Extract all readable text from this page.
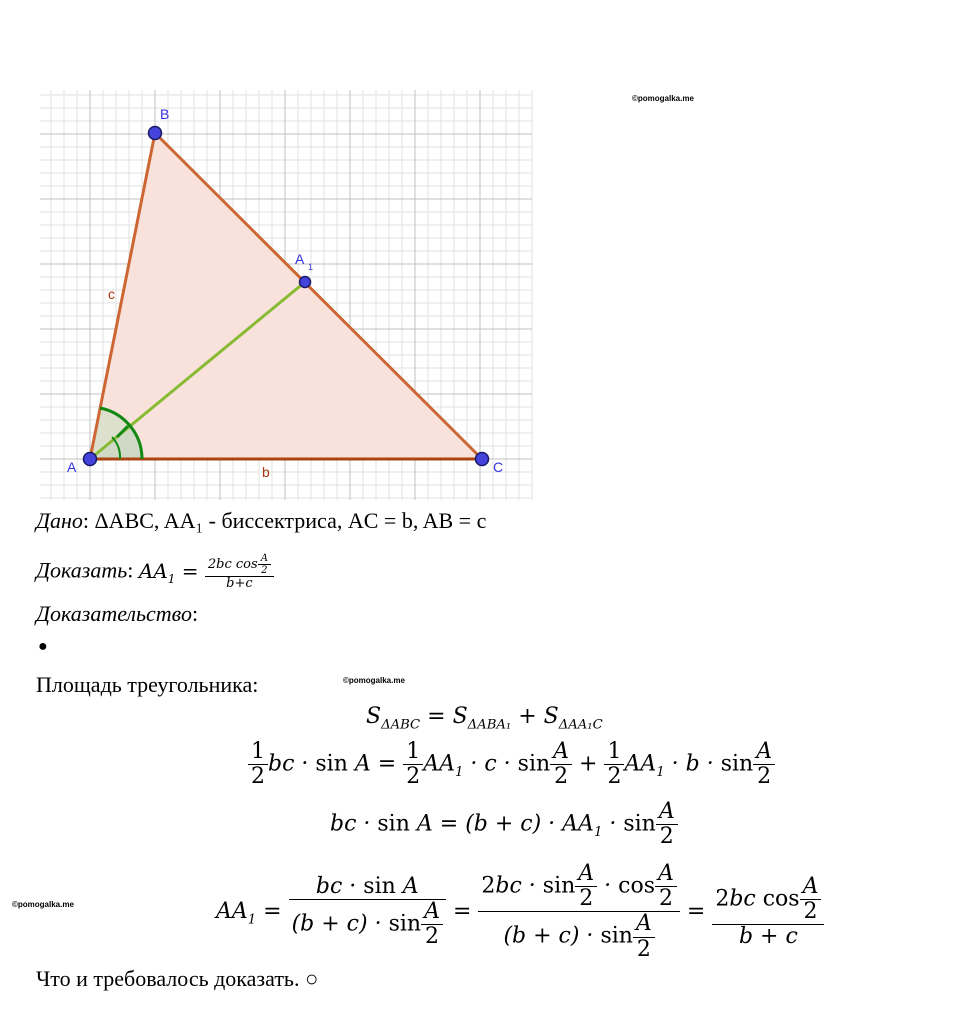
A
B
C
A 1
c
b
©pomogalka.me
Дано: ΔABC, AA₁ - биссектриса, AC = b, AB = c
Доказать: $AA_1 = \frac{2bc \cos \frac{A}{2}}{b+c}$
Доказательство:
●
Площадь треугольника:	©pomogalka.me
$S_{\Delta ABC} = S_{\Delta ABA_1} + S_{\Delta AA_1C}$
$\frac{1}{2}$ bc · $\sin A = \frac{1}{2} AA_1 \cdot c \cdot \sin \frac{A}{2} + \frac{1}{2} AA_1 \cdot b \cdot \sin \frac{A}{2}$
bc · $\sin A = (b + c) \cdot AA_1 \cdot \sin \frac{A}{2}$
©pomogalka.me	$AA_1 = \frac{\text{bc · sin A}}{(b + c) \cdot \sin \frac{A}{2}} = \frac{2bc \cdot \sin \frac{A}{2} \cdot \cos \frac{A}{2}}{(b + c) \cdot \sin \frac{A}{2}} = \frac{2bc \cos \frac{A}{2}}{b + c}$
Что и требовалось доказать. ○
